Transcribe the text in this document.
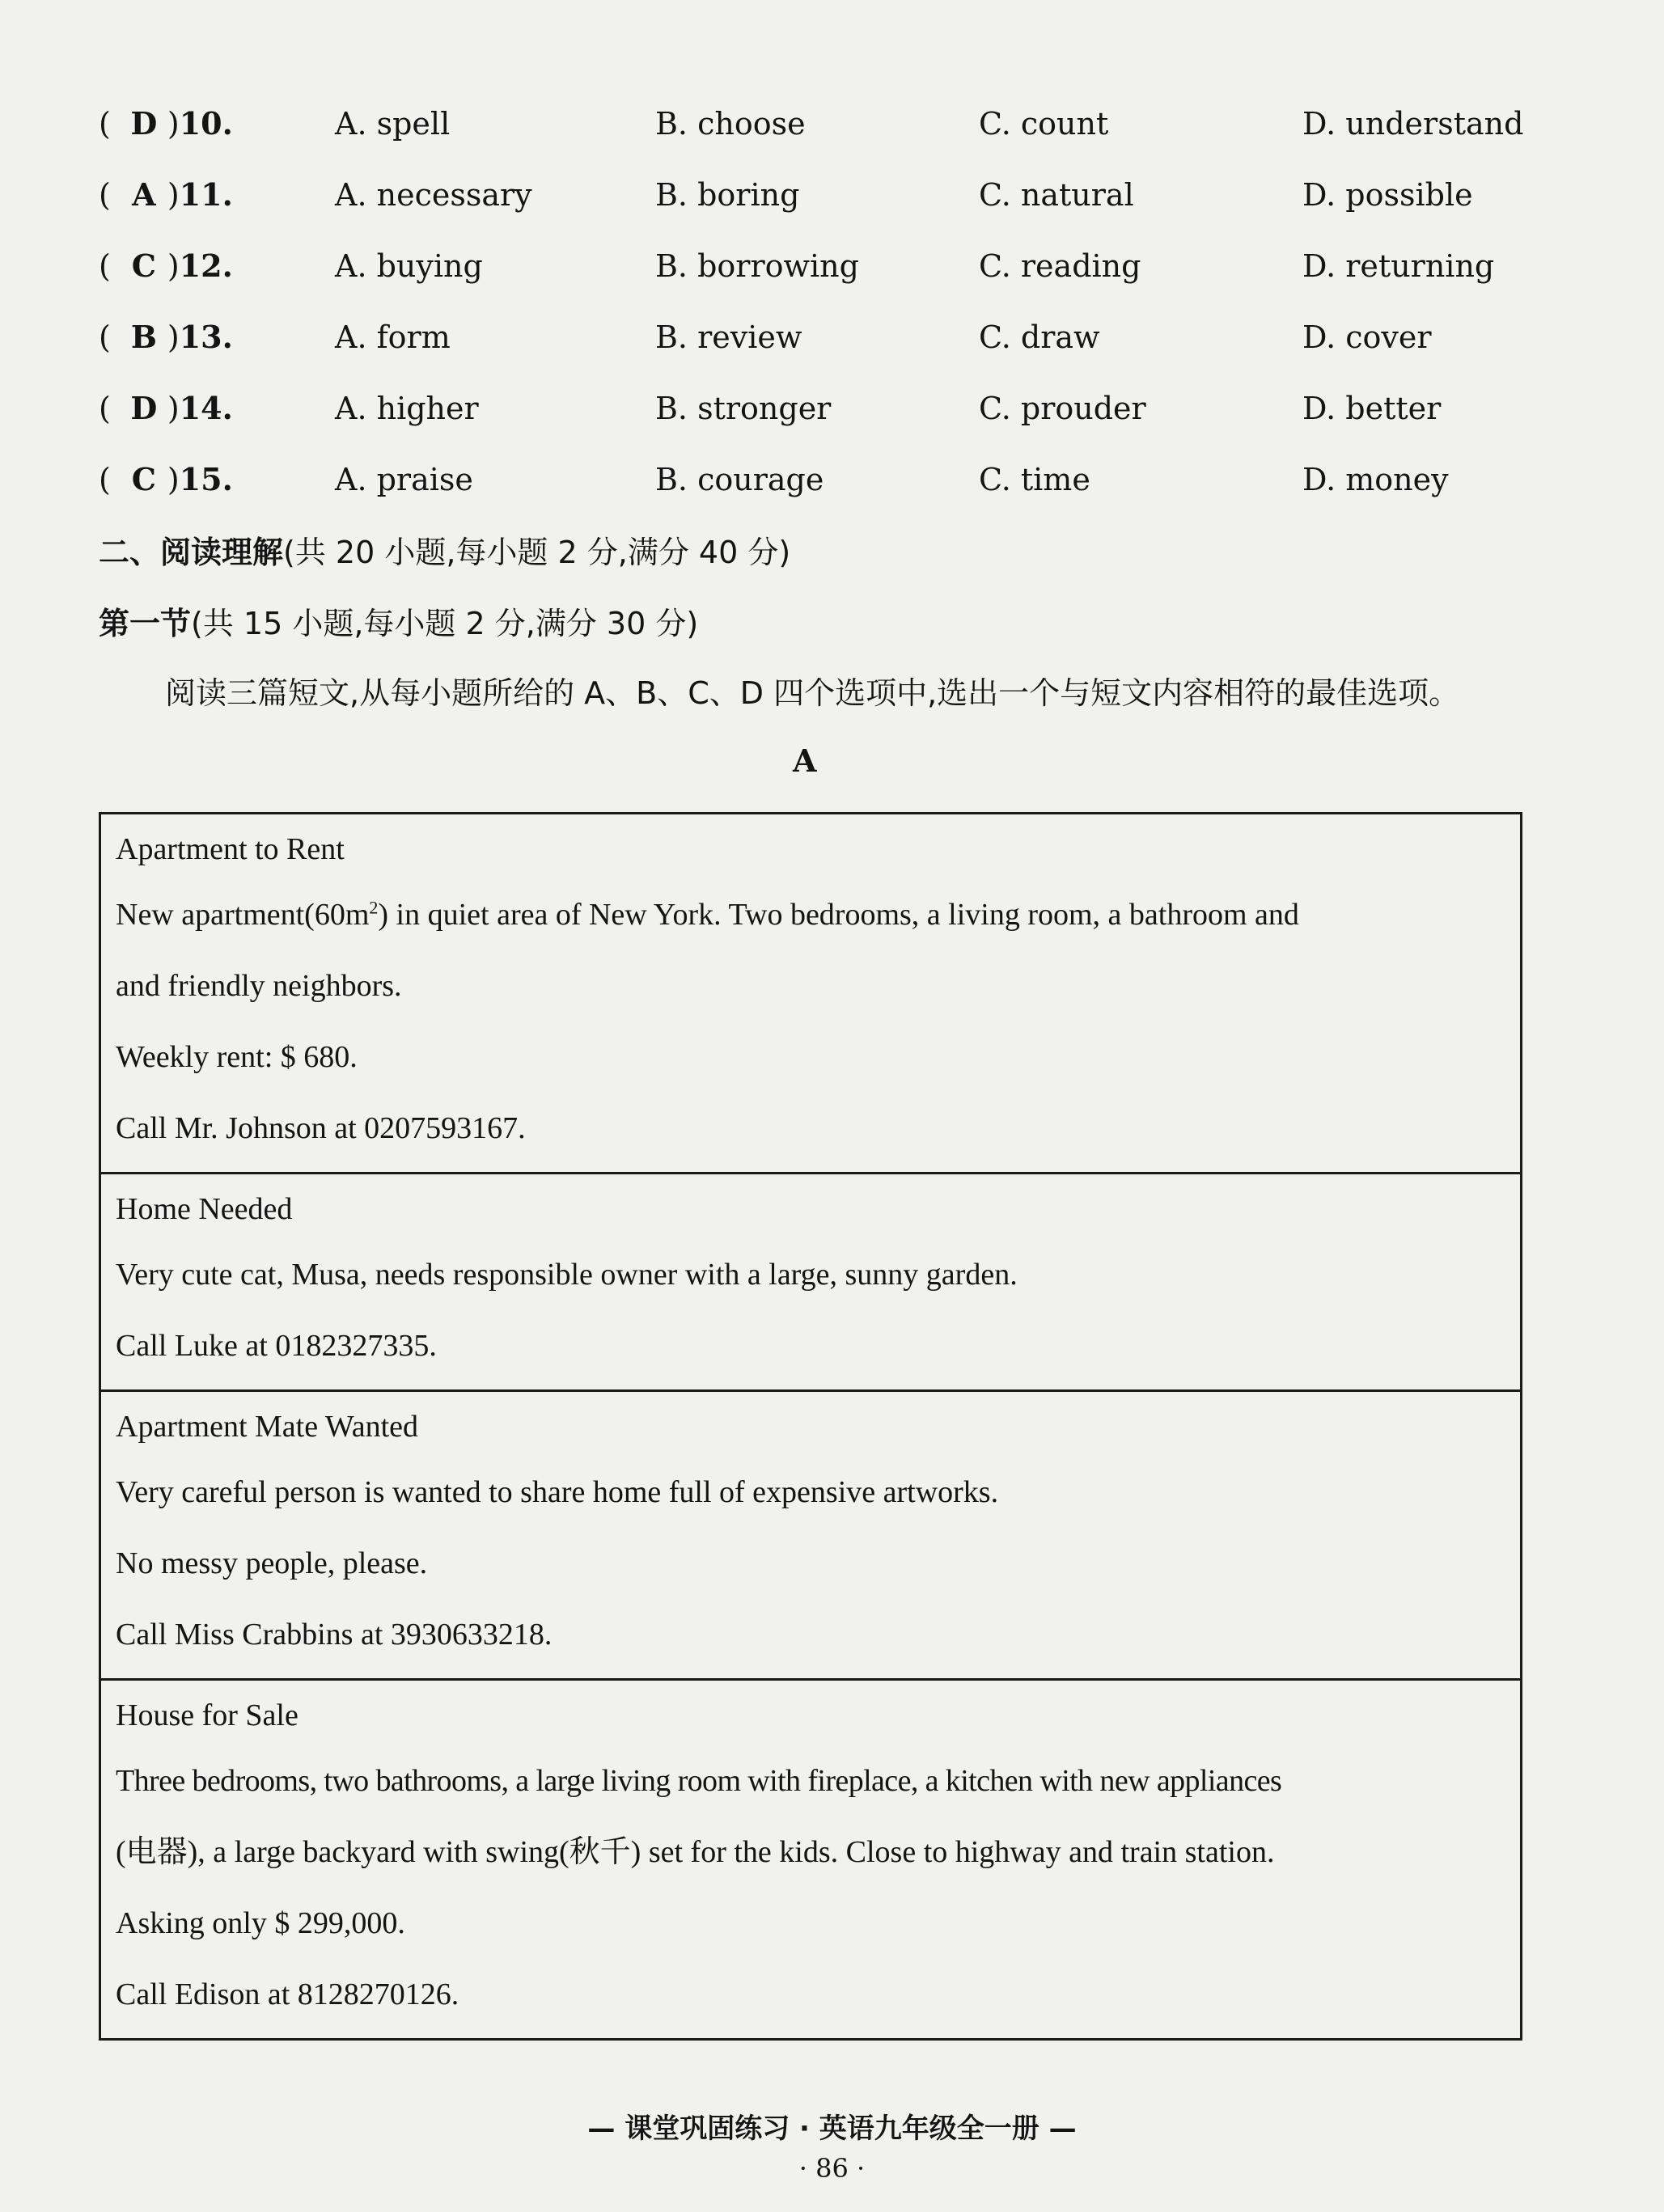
( D )10.	A. spell	B. choose	C. count	D. understand
( A )11.	A. necessary	B. boring	C. natural	D. possible
( C )12.	A. buying	B. borrowing	C. reading	D. returning
( B )13.	A. form	B. review	C. draw	D. cover
( D )14.	A. higher	B. stronger	C. prouder	D. better
( C )15.	A. praise	B. courage	C. time	D. money
二、阅读理解(共 20 小题,每小题 2 分,满分 40 分)
第一节(共 15 小题,每小题 2 分,满分 30 分)
阅读三篇短文,从每小题所给的 A、B、C、D 四个选项中,选出一个与短文内容相符的最佳选项。
A
Apartment to Rent
New $apartment(60m^2)$ in quiet area of New York. Two bedrooms, a living room, a bathroom and
and friendly neighbors.
Weekly rent: $ 680.
Call Mr. Johnson at 0207593167.
Home Needed
Very cute cat, Musa, needs responsible owner with a large, sunny garden.
Call Luke at 0182327335.
Apartment Mate Wanted
Very careful person is wanted to share home full of expensive artworks.
No messy people, please.
Call Miss Crabbins at 3930633218.
House for Sale
Three bedrooms, two bathrooms, a large living room with fireplace, a kitchen with new appliances
(电器), a large backyard with swing(秋千) set for the kids. Close to highway and train station.
Asking only $ 299,000.
Call Edison at 8128270126.
— 课堂巩固练习 · 英语九年级全一册 —
· 86 ·
